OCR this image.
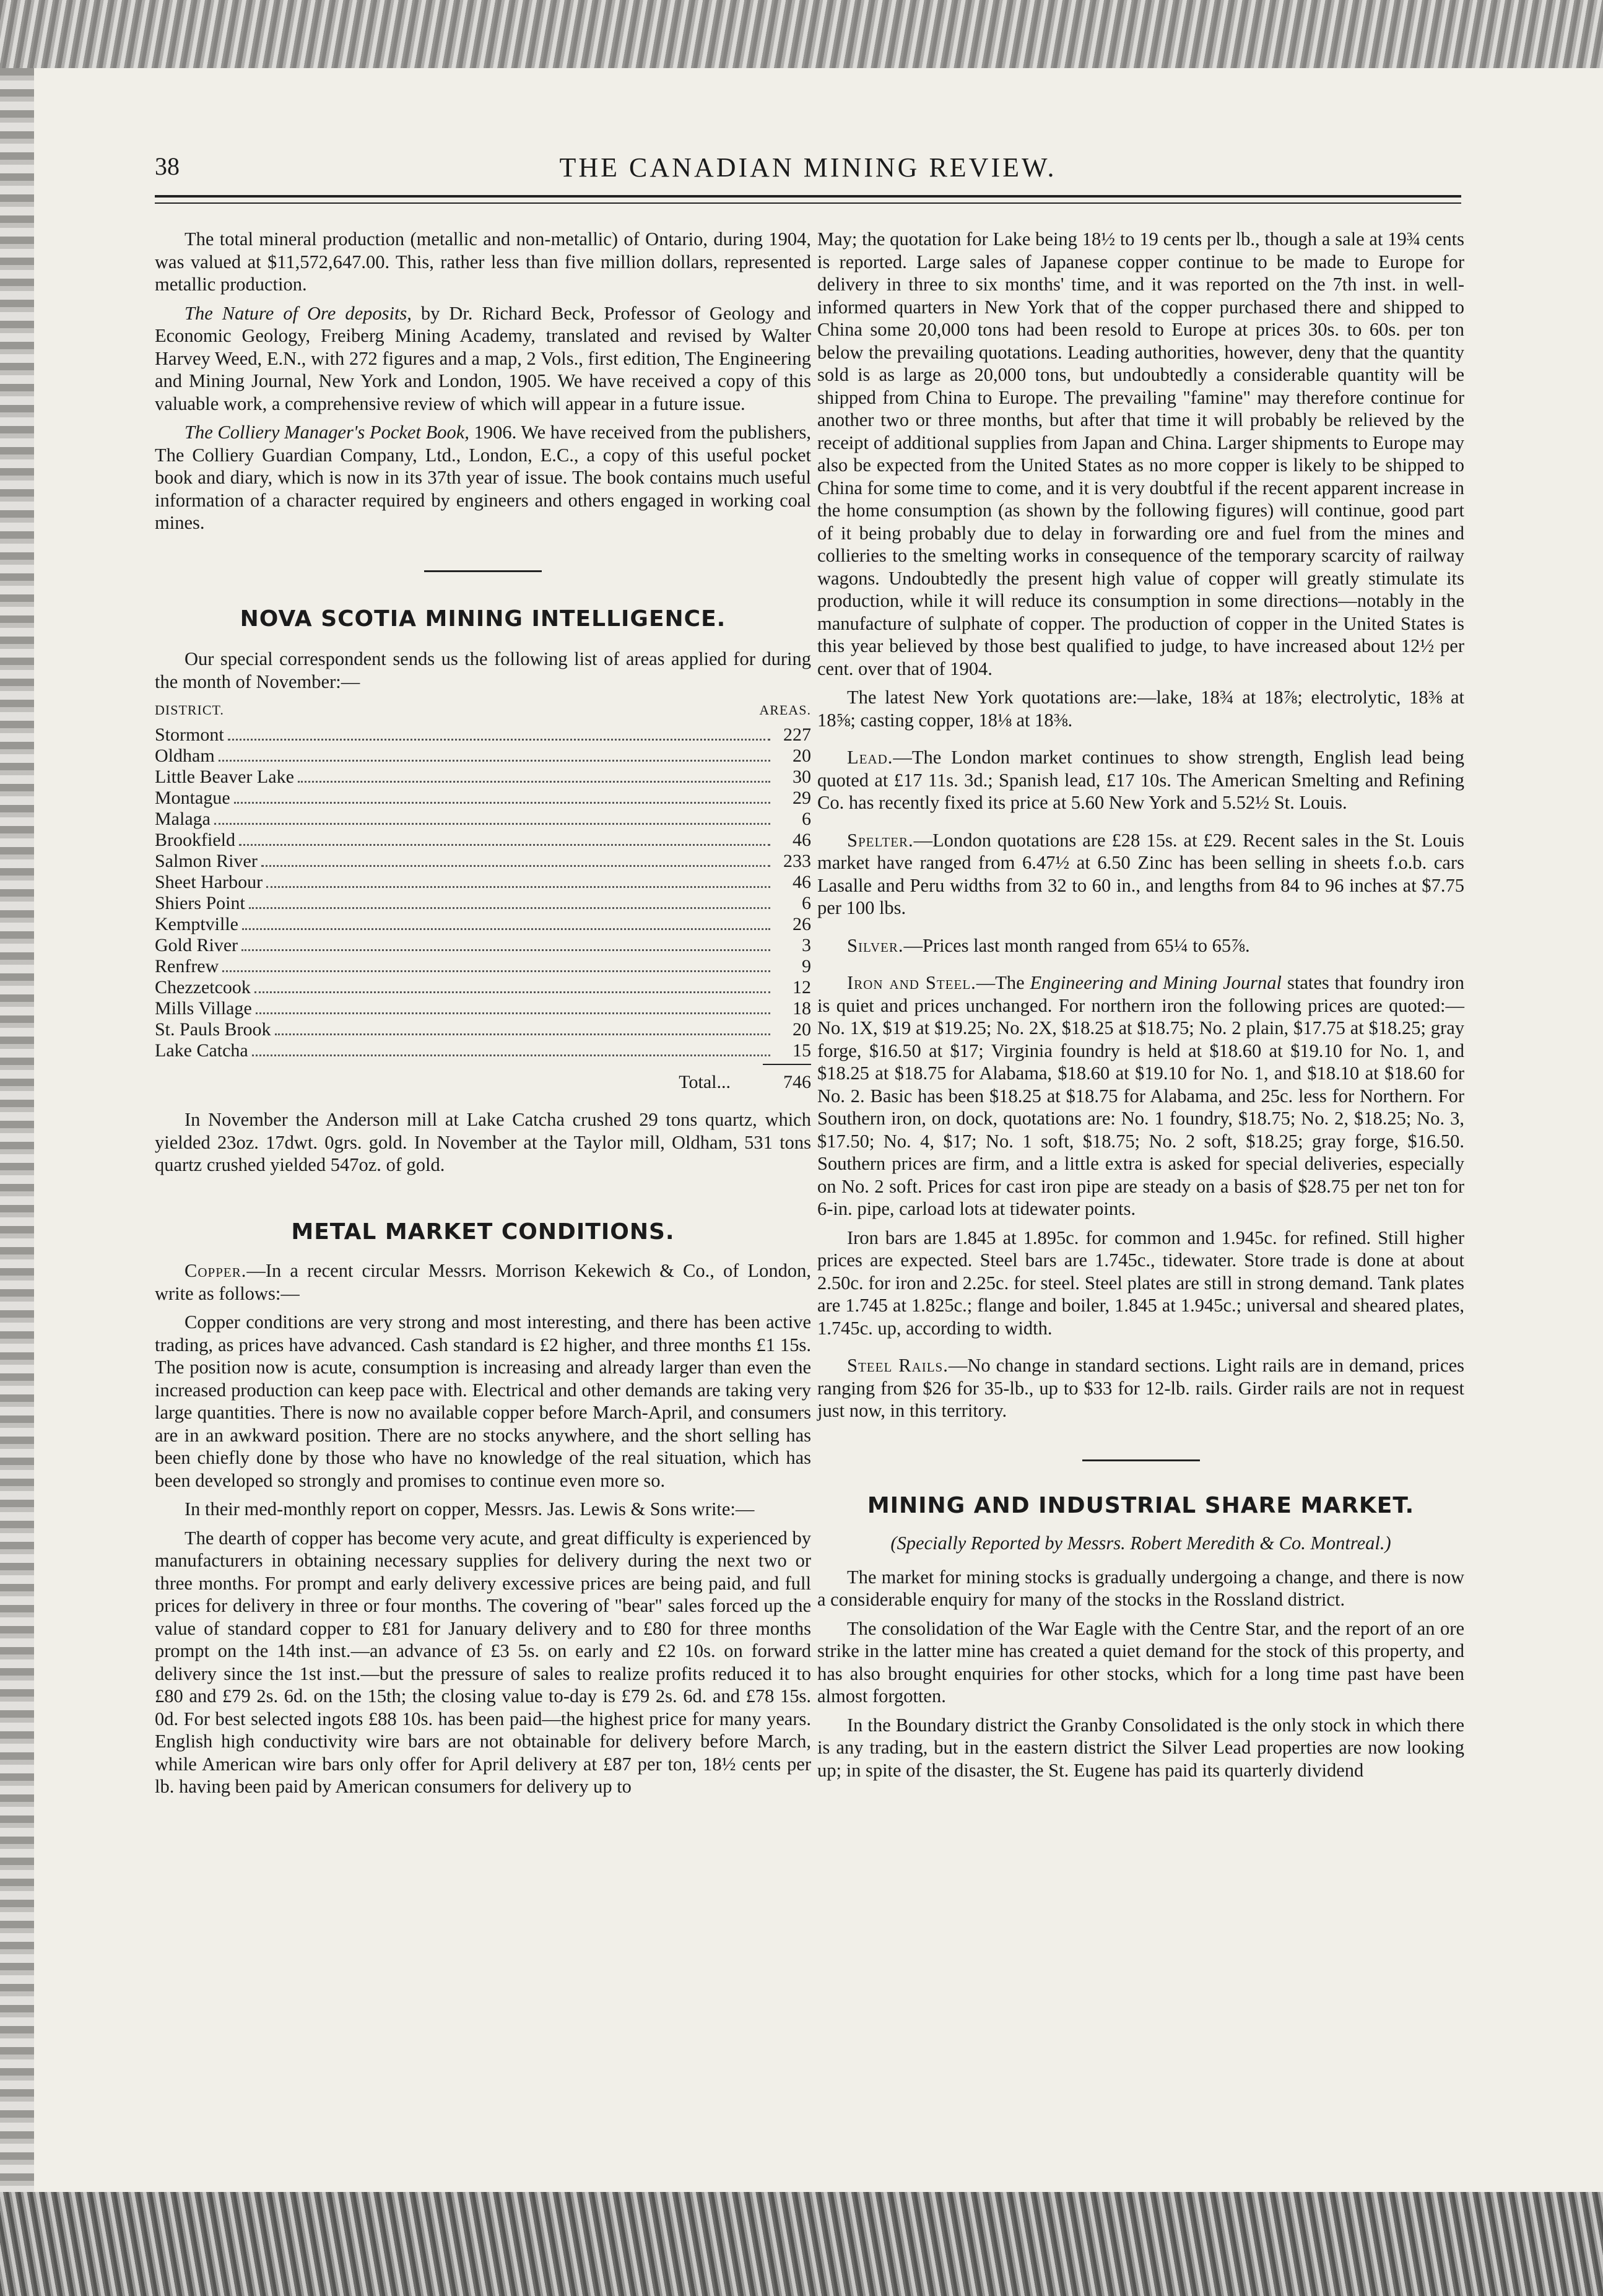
38	THE CANADIAN MINING REVIEW.

The total mineral production (metallic and non-metallic) of Ontario, during 1904, was valued at $11,572,647.00. This, rather less than five million dollars, represented metallic production.

The Nature of Ore deposits, by Dr. Richard Beck, Professor of Geology and Economic Geology, Freiberg Mining Academy, translated and revised by Walter Harvey Weed, E.N., with 272 figures and a map, 2 Vols., first edition, The Engineering and Mining Journal, New York and London, 1905. We have received a copy of this valuable work, a comprehensive review of which will appear in a future issue.

The Colliery Manager's Pocket Book, 1906. We have received from the publishers, The Colliery Guardian Company, Ltd., London, E.C., a copy of this useful pocket book and diary, which is now in its 37th year of issue. The book contains much useful information of a character required by engineers and others engaged in working coal mines.

NOVA SCOTIA MINING INTELLIGENCE.

Our special correspondent sends us the following list of areas applied for during the month of November:—

DISTRICT.	AREAS.
Stormont	227
Oldham	20
Little Beaver Lake	30
Montague	29
Malaga	6
Brookfield	46
Salmon River	233
Sheet Harbour	46
Shiers Point	6
Kemptville	26
Gold River	3
Renfrew	9
Chezzetcook	12
Mills Village	18
St. Pauls Brook	20
Lake Catcha	15
Total...	746

In November the Anderson mill at Lake Catcha crushed 29 tons quartz, which yielded 23oz. 17dwt. 0grs. gold. In November at the Taylor mill, Oldham, 531 tons quartz crushed yielded 547oz. of gold.

METAL MARKET CONDITIONS.

Copper.—In a recent circular Messrs. Morrison Kekewich & Co., of London, write as follows:—

Copper conditions are very strong and most interesting, and there has been active trading, as prices have advanced. Cash standard is £2 higher, and three months £1 15s. The position now is acute, consumption is increasing and already larger than even the increased production can keep pace with. Electrical and other demands are taking very large quantities. There is now no available copper before March-April, and consumers are in an awkward position. There are no stocks anywhere, and the short selling has been chiefly done by those who have no knowledge of the real situation, which has been developed so strongly and promises to continue even more so.

In their med-monthly report on copper, Messrs. Jas. Lewis & Sons write:—

The dearth of copper has become very acute, and great difficulty is experienced by manufacturers in obtaining necessary supplies for delivery during the next two or three months. For prompt and early delivery excessive prices are being paid, and full prices for delivery in three or four months. The covering of "bear" sales forced up the value of standard copper to £81 for January delivery and to £80 for three months prompt on the 14th inst.—an advance of £3 5s. on early and £2 10s. on forward delivery since the 1st inst.—but the pressure of sales to realize profits reduced it to £80 and £79 2s. 6d. on the 15th; the closing value to-day is £79 2s. 6d. and £78 15s. 0d. For best selected ingots £88 10s. has been paid—the highest price for many years. English high conductivity wire bars are not obtainable for delivery before March, while American wire bars only offer for April delivery at £87 per ton, 18½ cents per lb. having been paid by American consumers for delivery up to

May; the quotation for Lake being 18½ to 19 cents per lb., though a sale at 19¾ cents is reported. Large sales of Japanese copper continue to be made to Europe for delivery in three to six months' time, and it was reported on the 7th inst. in well-informed quarters in New York that of the copper purchased there and shipped to China some 20,000 tons had been resold to Europe at prices 30s. to 60s. per ton below the prevailing quotations. Leading authorities, however, deny that the quantity sold is as large as 20,000 tons, but undoubtedly a considerable quantity will be shipped from China to Europe. The prevailing "famine" may therefore continue for another two or three months, but after that time it will probably be relieved by the receipt of additional supplies from Japan and China. Larger shipments to Europe may also be expected from the United States as no more copper is likely to be shipped to China for some time to come, and it is very doubtful if the recent apparent increase in the home consumption (as shown by the following figures) will continue, good part of it being probably due to delay in forwarding ore and fuel from the mines and collieries to the smelting works in consequence of the temporary scarcity of railway wagons. Undoubtedly the present high value of copper will greatly stimulate its production, while it will reduce its consumption in some directions—notably in the manufacture of sulphate of copper. The production of copper in the United States is this year believed by those best qualified to judge, to have increased about 12½ per cent. over that of 1904.

The latest New York quotations are:—lake, 18¾ at 18⅞; electrolytic, 18⅜ at 18⅝; casting copper, 18⅛ at 18⅜.

Lead.—The London market continues to show strength, English lead being quoted at £17 11s. 3d.; Spanish lead, £17 10s. The American Smelting and Refining Co. has recently fixed its price at 5.60 New York and 5.52½ St. Louis.

Spelter.—London quotations are £28 15s. at £29. Recent sales in the St. Louis market have ranged from 6.47½ at 6.50 Zinc has been selling in sheets f.o.b. cars Lasalle and Peru widths from 32 to 60 in., and lengths from 84 to 96 inches at $7.75 per 100 lbs.

Silver.—Prices last month ranged from 65¼ to 65⅞.

Iron and Steel.—The Engineering and Mining Journal states that foundry iron is quiet and prices unchanged. For northern iron the following prices are quoted:—No. 1X, $19 at $19.25; No. 2X, $18.25 at $18.75; No. 2 plain, $17.75 at $18.25; gray forge, $16.50 at $17; Virginia foundry is held at $18.60 at $19.10 for No. 1, and $18.25 at $18.75 for Alabama, $18.60 at $19.10 for No. 1, and $18.10 at $18.60 for No. 2. Basic has been $18.25 at $18.75 for Alabama, and 25c. less for Northern. For Southern iron, on dock, quotations are: No. 1 foundry, $18.75; No. 2, $18.25; No. 3, $17.50; No. 4, $17; No. 1 soft, $18.75; No. 2 soft, $18.25; gray forge, $16.50. Southern prices are firm, and a little extra is asked for special deliveries, especially on No. 2 soft. Prices for cast iron pipe are steady on a basis of $28.75 per net ton for 6-in. pipe, carload lots at tidewater points.

Iron bars are 1.845 at 1.895c. for common and 1.945c. for refined. Still higher prices are expected. Steel bars are 1.745c., tidewater. Store trade is done at about 2.50c. for iron and 2.25c. for steel. Steel plates are still in strong demand. Tank plates are 1.745 at 1.825c.; flange and boiler, 1.845 at 1.945c.; universal and sheared plates, 1.745c. up, according to width.

Steel Rails.—No change in standard sections. Light rails are in demand, prices ranging from $26 for 35-lb., up to $33 for 12-lb. rails. Girder rails are not in request just now, in this territory.

MINING AND INDUSTRIAL SHARE MARKET.

(Specially Reported by Messrs. Robert Meredith & Co. Montreal.)

The market for mining stocks is gradually undergoing a change, and there is now a considerable enquiry for many of the stocks in the Rossland district.

The consolidation of the War Eagle with the Centre Star, and the report of an ore strike in the latter mine has created a quiet demand for the stock of this property, and has also brought enquiries for other stocks, which for a long time past have been almost forgotten.

In the Boundary district the Granby Consolidated is the only stock in which there is any trading, but in the eastern district the Silver Lead properties are now looking up; in spite of the disaster, the St. Eugene has paid its quarterly dividend
